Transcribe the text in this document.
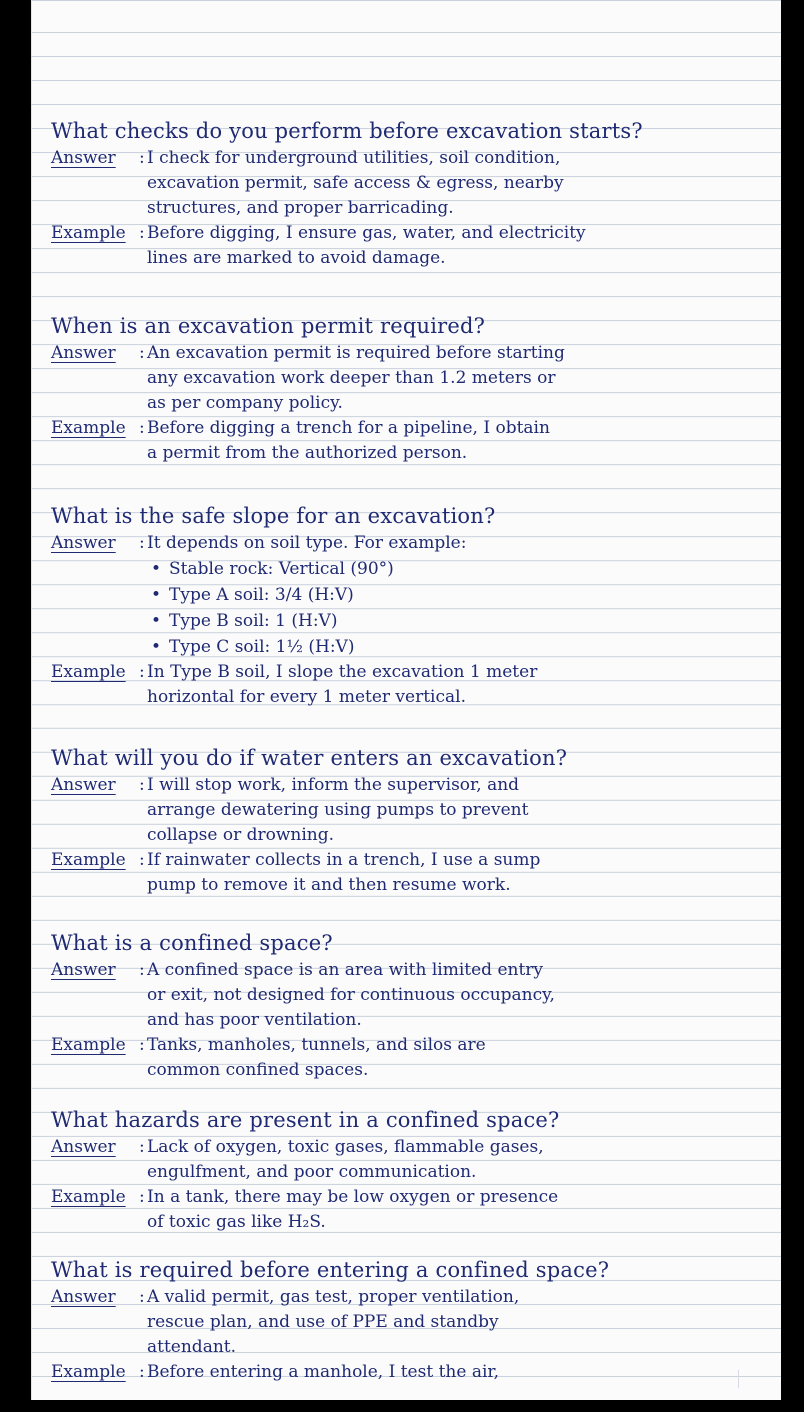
What checks do you perform before excavation starts?
Answer	: I check for underground utilities, soil condition,
excavation permit, safe access & egress, nearby
structures, and proper barricading.
Example : Before digging, I ensure gas, water, and electricity
lines are marked to avoid damage.
When is an excavation permit required?
Answer	: An excavation permit is required before starting
any excavation work deeper than 1.2 meters or
as per company policy.
Example : Before digging a trench for a pipeline, I obtain
a permit from the authorized person.
What is the safe slope for an excavation?
Answer	: It depends on soil type. For example:
• Stable rock: Vertical (90°)
• Type A soil: 3/4 (H:V)
• Type B soil: 1 (H:V)
• Type C soil: 1½ (H:V)
Example : In Type B soil, I slope the excavation 1 meter
horizontal for every 1 meter vertical.
What will you do if water enters an excavation?
Answer	: I will stop work, inform the supervisor, and
arrange dewatering using pumps to prevent
collapse or drowning.
Example : If rainwater collects in a trench, I use a sump
pump to remove it and then resume work.
What is a confined space?
Answer	: A confined space is an area with limited entry
or exit, not designed for continuous occupancy,
and has poor ventilation.
Example : Tanks, manholes, tunnels, and silos are
common confined spaces.
What hazards are present in a confined space?
Answer	: Lack of oxygen, toxic gases, flammable gases,
engulfment, and poor communication.
Example : In a tank, there may be low oxygen or presence
of toxic gas like H₂S.
What is required before entering a confined space?
Answer	: A valid permit, gas test, proper ventilation,
rescue plan, and use of PPE and standby
attendant.
Example : Before entering a manhole, I test the air,
